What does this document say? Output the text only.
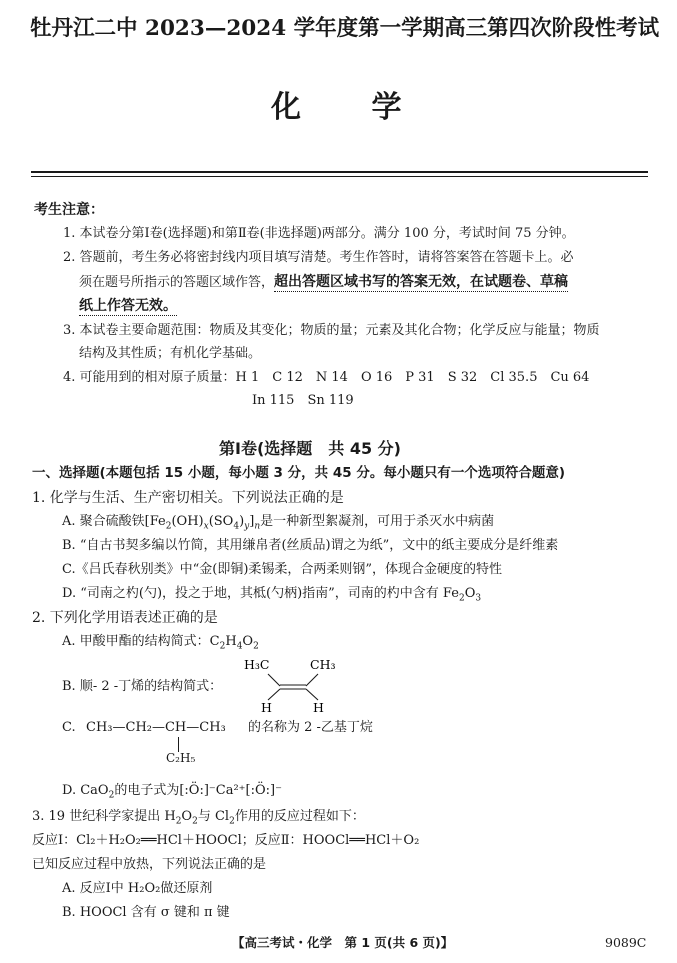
牡丹江二中 2023—2024 学年度第一学期高三第四次阶段性考试
化 学
考生注意：
1. 本试卷分第Ⅰ卷(选择题)和第Ⅱ卷(非选择题)两部分。满分 100 分，考试时间 75 分钟。
2. 答题前，考生务必将密封线内项目填写清楚。考生作答时，请将答案答在答题卡上。必
须在题号所指示的答题区域作答，超出答题区域书写的答案无效，在试题卷、草稿
纸上作答无效。
3. 本试卷主要命题范围：物质及其变化；物质的量；元素及其化合物；化学反应与能量；物质
结构及其性质；有机化学基础。
4. 可能用到的相对原子质量：H 1　C 12　N 14　O 16　P 31　S 32　Cl 35.5　Cu 64
In 115　Sn 119
第Ⅰ卷(选择题　共 45 分)
一、选择题(本题包括 15 小题，每小题 3 分，共 45 分。每小题只有一个选项符合题意)
1. 化学与生活、生产密切相关。下列说法正确的是
A. 聚合硫酸铁$[Fe_2(OH)_x(SO_4)_y]_n$是一种新型絮凝剂，可用于杀灭水中病菌
B. “自古书契多编以竹简，其用缣帛者(丝质品)谓之为纸”，文中的纸主要成分是纤维素
C.《吕氏春秋别类》中“金(即铜)柔锡柔，合两柔则钢”，体现合金硬度的特性
D. “司南之杓(勺)，投之于地，其柢(勺柄)指南”，司南的杓中含有 $Fe_2O_3$
2. 下列化学用语表述正确的是
A. 甲酸甲酯的结构简式：$C_2H_4O_2$
B. 顺- 2 -丁烯的结构简式：
H₃C	CH₃
H	H
C. CH₃—CH₂—CH—CH₃
C₂H₅
的名称为 2 -乙基丁烷
D. CaO$_2$的电子式为[:Ö:]⁻Ca²⁺[:Ö:]⁻
3. 19 世纪科学家提出 $H_2O_2$与 $Cl_2$作用的反应过程如下：
反应Ⅰ：Cl₂＋H₂O₂══HCl＋HOOCl；反应Ⅱ：HOOCl══HCl＋O₂
已知反应过程中放热，下列说法正确的是
A. 反应Ⅰ中 H₂O₂做还原剂
B. HOOCl 含有 σ 键和 π 键
【高三考试・化学　第 1 页(共 6 页)】	9089C
